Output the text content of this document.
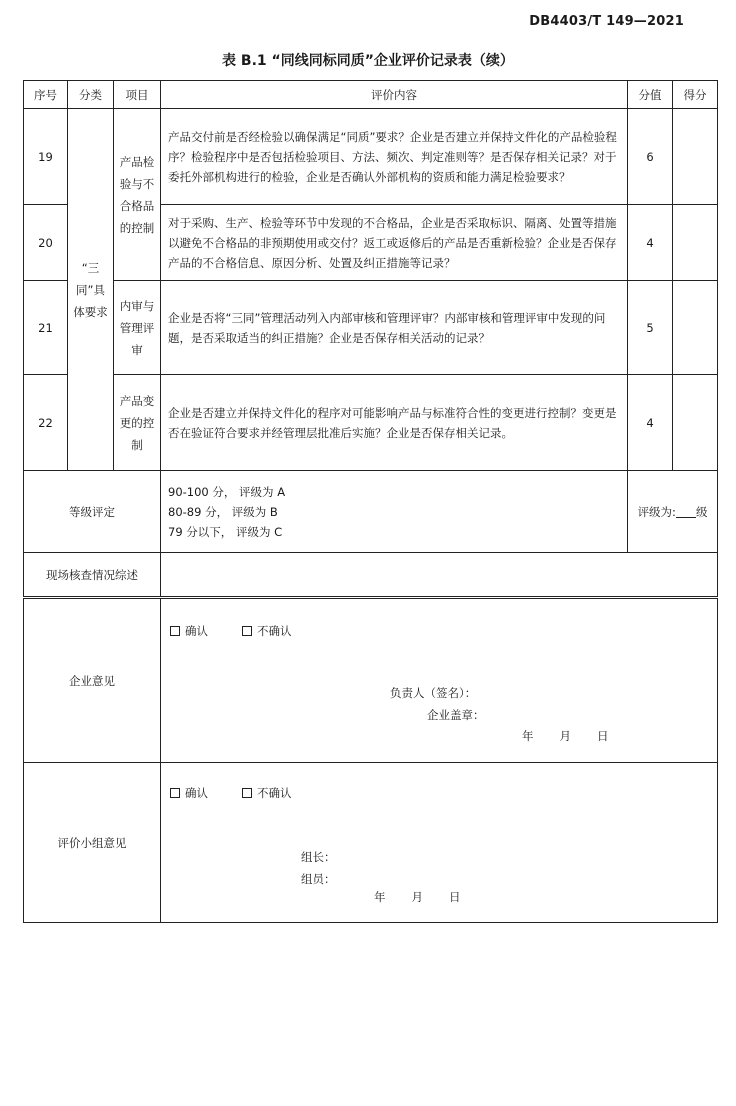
DB4403/T 149—2021
表 B.1 “同线同标同质”企业评价记录表（续）
序号	分类	项目	评价内容	分值	得分
19	“三同”具体要求	产品检验与不合格品的控制	产品交付前是否经检验以确保满足“同质”要求？企业是否建立并保持文件化的产品检验程序？检验程序中是否包括检验项目、方法、频次、判定准则等？是否保存相关记录？对于委托外部机构进行的检验，企业是否确认外部机构的资质和能力满足检验要求？	6	
20			对于采购、生产、检验等环节中发现的不合格品，企业是否采取标识、隔离、处置等措施以避免不合格品的非预期使用或交付？返工或返修后的产品是否重新检验？企业是否保存产品的不合格信息、原因分析、处置及纠正措施等记录？	4	
21		内审与管理评审	企业是否将“三同”管理活动列入内部审核和管理评审？内部审核和管理评审中发现的问题，是否采取适当的纠正措施？企业是否保存相关活动的记录？	5	
22		产品变更的控制	企业是否建立并保持文件化的程序对可能影响产品与标准符合性的变更进行控制？变更是否在验证符合要求并经管理层批准后实施？企业是否保存相关记录。	4	
等级评定			90-100 分， 评级为 A
80-89 分， 评级为 B
79 分以下， 评级为 C	评级为: 级	
现场核查情况综述					
企业意见	确认 不确认
负责人（签名）：
企业盖章：
年 月 日

评价小组意见	确认 不确认
组长：
组员：
年 月 日
